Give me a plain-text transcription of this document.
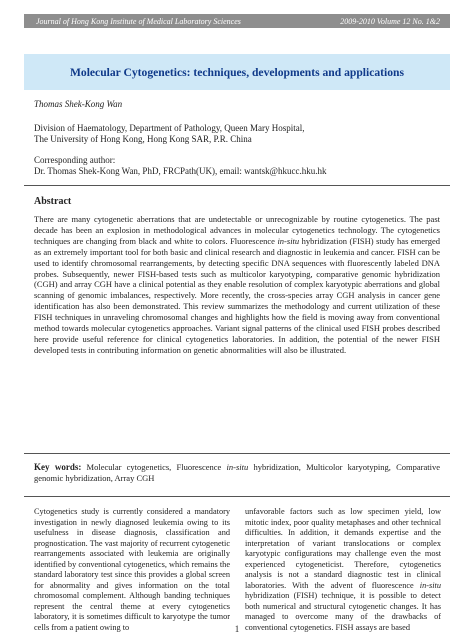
Journal of Hong Kong Institute of Medical Laboratory Sciences	2009-2010 Volume 12 No. 1&2
Molecular Cytogenetics: techniques, developments and applications

Thomas Shek-Kong Wan

Division of Haematology, Department of Pathology, Queen Mary Hospital,
The University of Hong Kong, Hong Kong SAR, P.R. China
Corresponding author:
Dr. Thomas Shek-Kong Wan, PhD, FRCPath(UK), email: wantsk@hkucc.hku.hk
Abstract

There are many cytogenetic aberrations that are undetectable or unrecognizable by routine cytogenetics. The past decade has been an explosion in methodological advances in molecular cytogenetics technology. The cytogenetics techniques are changing from black and white to colors. Fluorescence in-situ hybridization (FISH) study has emerged as an extremely important tool for both basic and clinical research and diagnostic in leukemia and cancer. FISH can be used to identify chromosomal rearrangements, by detecting specific DNA sequences with fluorescently labeled DNA probes. Subsequently, newer FISH-based tests such as multicolor karyotyping, comparative genomic hybridization (CGH) and array CGH have a clinical potential as they enable resolution of complex karyotypic aberrations and global scanning of genomic imbalances, respectively. More recently, the cross-species array CGH analysis in cancer gene identification has also been demonstrated. This review summarizes the methodology and current utilization of these FISH techniques in unraveling chromosomal changes and highlights how the field is moving away from conventional method towards molecular cytogenetics approaches. Variant signal patterns of the clinical used FISH probes described here provide useful reference for clinical cytogenetics laboratories. In addition, the potential of the newer FISH developed tests in contributing information on genetic abnormalities will also be illustrated.

Key words: Molecular cytogenetics, Fluorescence in-situ hybridization, Multicolor karyotyping, Comparative genomic hybridization, Array CGH

Cytogenetics study is currently considered a mandatory investigation in newly diagnosed leukemia owing to its usefulness in disease diagnosis, classification and prognostication. The vast majority of recurrent cytogenetic rearrangements associated with leukemia are originally identified by conventional cytogenetics, which remains the standard laboratory test since this provides a global screen for abnormality and gives information on the total chromosomal complement. Although banding techniques represent the central theme at every cytogenetics laboratory, it is sometimes difficult to karyotype the tumor cells from a patient owing to

unfavorable factors such as low specimen yield, low mitotic index, poor quality metaphases and other technical difficulties. In addition, it demands expertise and the interpretation of variant translocations or complex karyotypic configurations may challenge even the most experienced cytogeneticist. Therefore, cytogenetics analysis is not a standard diagnostic test in clinical laboratories. With the advent of fluorescence in-situ hybridization (FISH) technique, it is possible to detect both numerical and structural cytogenetic changes. It has managed to overcome many of the drawbacks of conventional cytogenetics. FISH assays are based

1
